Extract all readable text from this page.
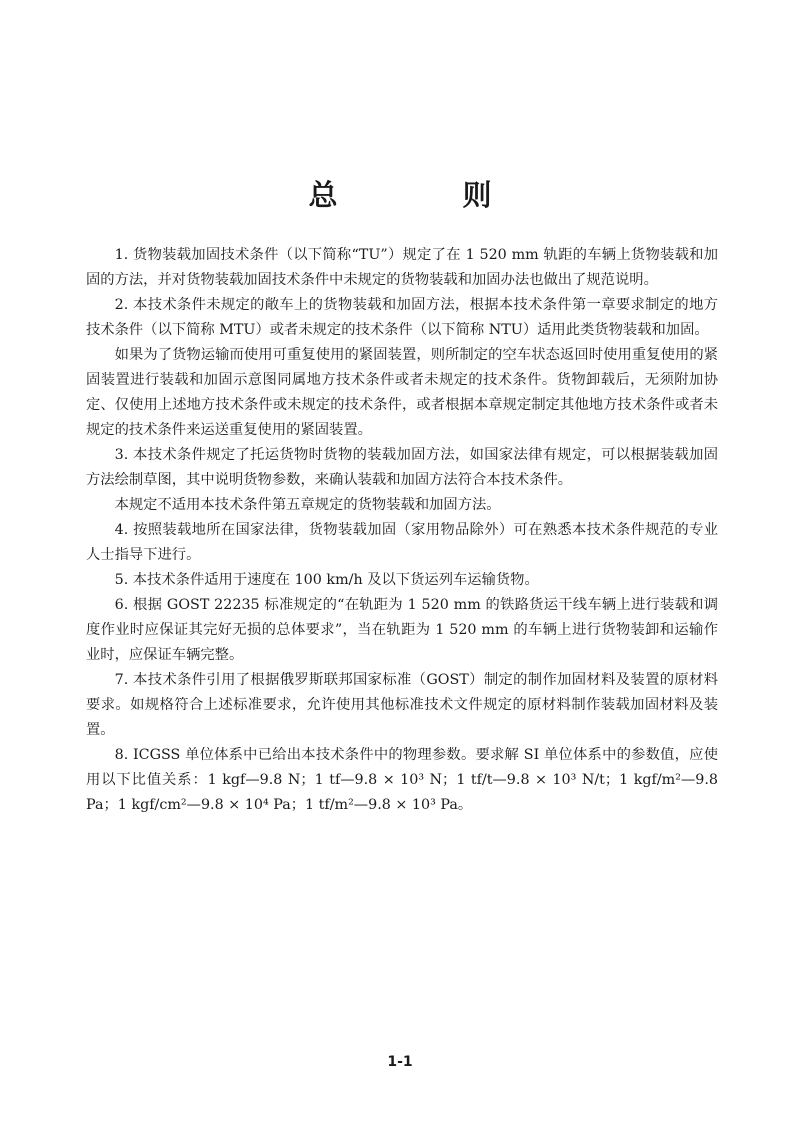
总　则

1. 货物装载加固技术条件（以下简称“TU”）规定了在 1 520 mm 轨距的车辆上货物装载和加固的方法，并对货物装载加固技术条件中未规定的货物装载和加固办法也做出了规范说明。

2. 本技术条件未规定的敞车上的货物装载和加固方法，根据本技术条件第一章要求制定的地方技术条件（以下简称 MTU）或者未规定的技术条件（以下简称 NTU）适用此类货物装载和加固。

如果为了货物运输而使用可重复使用的紧固装置，则所制定的空车状态返回时使用重复使用的紧固装置进行装载和加固示意图同属地方技术条件或者未规定的技术条件。货物卸载后，无须附加协定、仅使用上述地方技术条件或未规定的技术条件，或者根据本章规定制定其他地方技术条件或者未规定的技术条件来运送重复使用的紧固装置。

3. 本技术条件规定了托运货物时货物的装载加固方法，如国家法律有规定，可以根据装载加固方法绘制草图，其中说明货物参数，来确认装载和加固方法符合本技术条件。

本规定不适用本技术条件第五章规定的货物装载和加固方法。

4. 按照装载地所在国家法律，货物装载加固（家用物品除外）可在熟悉本技术条件规范的专业人士指导下进行。

5. 本技术条件适用于速度在 100 km/h 及以下货运列车运输货物。

6. 根据 GOST 22235 标准规定的“在轨距为 1 520 mm 的铁路货运干线车辆上进行装载和调度作业时应保证其完好无损的总体要求”，当在轨距为 1 520 mm 的车辆上进行货物装卸和运输作业时，应保证车辆完整。

7. 本技术条件引用了根据俄罗斯联邦国家标准（GOST）制定的制作加固材料及装置的原材料要求。如规格符合上述标准要求，允许使用其他标准技术文件规定的原材料制作装载加固材料及装置。

8. ICGSS 单位体系中已给出本技术条件中的物理参数。要求解 SI 单位体系中的参数值，应使用以下比值关系：1 kgf—9.8 N；1 tf—9.8 × 10³ N；1 tf/t—9.8 × 10³ N/t；1 kgf/m²—9.8 Pa；1 kgf/cm²—9.8 × 10⁴ Pa；1 tf/m²—9.8 × 10³ Pa。

1-1
